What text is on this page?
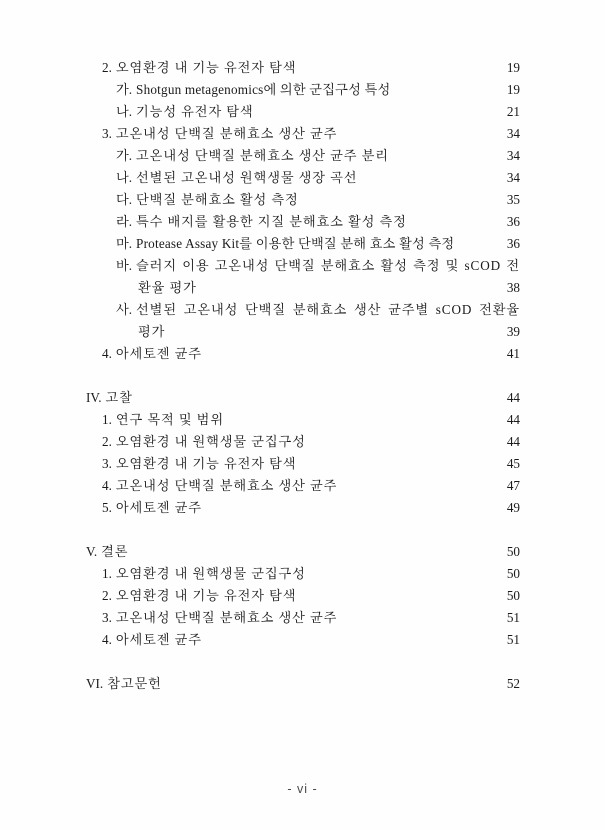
2. 오염환경 내 기능 유전자 탐색 ·····	19
가. Shotgun metagenomics에 의한 군집구성 특성 ·····	19
나. 기능성 유전자 탐색 ·····	21
3. 고온내성 단백질 분해효소 생산 균주 ·····	34
가. 고온내성 단백질 분해효소 생산 균주 분리 ·····	34
나. 선별된 고온내성 원핵생물 생장 곡선 ·····	34
다. 단백질 분해효소 활성 측정 ·····	35
라. 특수 배지를 활용한 지질 분해효소 활성 측정 ·····	36
마. Protease Assay Kit를 이용한 단백질 분해 효소 활성 측정 ·····	36
바. 슬러지 이용 고온내성 단백질 분해효소 활성 측정 및 sCOD 전
환율 평가 ·····	38
사. 선별된 고온내성 단백질 분해효소 생산 균주별 sCOD 전환율
평가 ·····	39
4. 아세토젠 균주 ·····	41
IV. 고찰 ·····	44
1. 연구 목적 및 범위 ·····	44
2. 오염환경 내 원핵생물 군집구성 ·····	44
3. 오염환경 내 기능 유전자 탐색 ·····	45
4. 고온내성 단백질 분해효소 생산 균주 ·····	47
5. 아세토젠 균주 ·····	49
V. 결론 ·····	50
1. 오염환경 내 원핵생물 군집구성 ·····	50
2. 오염환경 내 기능 유전자 탐색 ·····	50
3. 고온내성 단백질 분해효소 생산 균주 ·····	51
4. 아세토젠 균주 ·····	51
VI. 참고문헌 ·····	52
- vi -
